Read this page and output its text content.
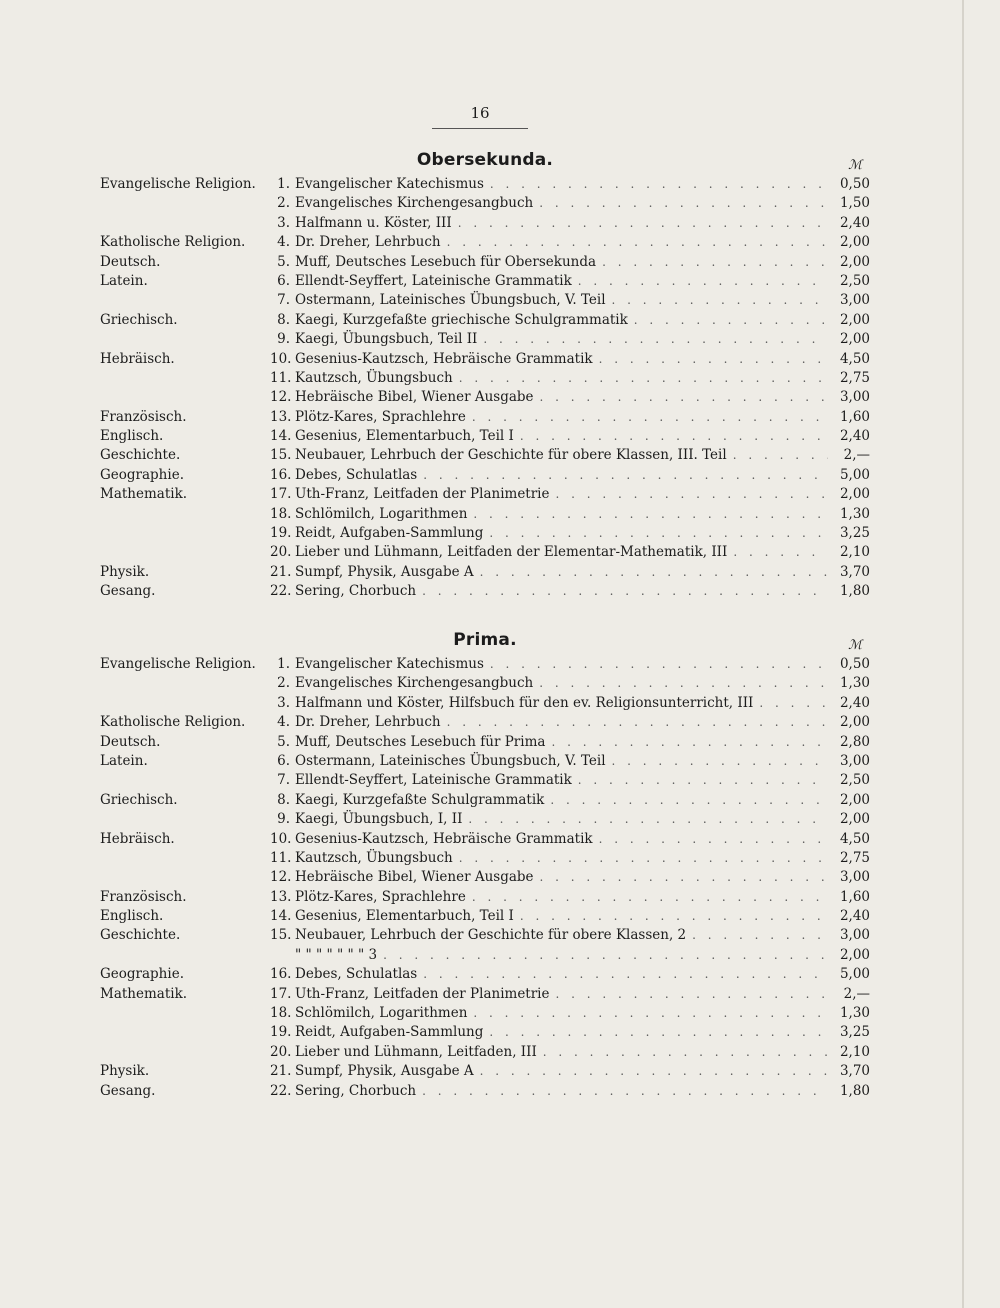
16
Obersekunda.	ℳ
Evangelische Religion.	1. Evangelischer Katechismus . . .	0,50
2. Evangelisches Kirchengesangbuch . . .	1,50
3. Halfmann u. Köster, III . . .	2,40
Katholische Religion.	4. Dr. Dreher, Lehrbuch . . .	2,00
Deutsch.	5. Muff, Deutsches Lesebuch für Obersekunda . . .	2,00
Latein.	6. Ellendt-Seyffert, Lateinische Grammatik . . .	2,50
7. Ostermann, Lateinisches Übungsbuch, V. Teil . . .	3,00
Griechisch.	8. Kaegi, Kurzgefaßte griechische Schulgrammatik . . .	2,00
9. Kaegi, Übungsbuch, Teil II . . .	2,00
Hebräisch.	10. Gesenius-Kautzsch, Hebräische Grammatik . . .	4,50
11. Kautzsch, Übungsbuch . . .	2,75
12. Hebräische Bibel, Wiener Ausgabe . . .	3,00
Französisch.	13. Plötz-Kares, Sprachlehre . . .	1,60
Englisch.	14. Gesenius, Elementarbuch, Teil I . . .	2,40
Geschichte.	15. Neubauer, Lehrbuch der Geschichte für obere Klassen, III. Teil . . .	2,—
Geographie.	16. Debes, Schulatlas . . .	5,00
Mathematik.	17. Uth-Franz, Leitfaden der Planimetrie . . .	2,00
18. Schlömilch, Logarithmen . . .	1,30
19. Reidt, Aufgaben-Sammlung . . .	3,25
20. Lieber und Lühmann, Leitfaden der Elementar-Mathematik, III . . .	2,10
Physik.	21. Sumpf, Physik, Ausgabe A . . .	3,70
Gesang.	22. Sering, Chorbuch . . .	1,80
Prima.	ℳ
Evangelische Religion.	1. Evangelischer Katechismus . . .	0,50
2. Evangelisches Kirchengesangbuch . . .	1,30
3. Halfmann und Köster, Hilfsbuch für den ev. Religionsunterricht, III . . .	2,40
Katholische Religion.	4. Dr. Dreher, Lehrbuch . . .	2,00
Deutsch.	5. Muff, Deutsches Lesebuch für Prima . . .	2,80
Latein.	6. Ostermann, Lateinisches Übungsbuch, V. Teil . . .	3,00
7. Ellendt-Seyffert, Lateinische Grammatik . . .	2,50
Griechisch.	8. Kaegi, Kurzgefaßte Schulgrammatik . . .	2,00
9. Kaegi, Übungsbuch, I, II . . .	2,00
Hebräisch.	10. Gesenius-Kautzsch, Hebräische Grammatik . . .	4,50
11. Kautzsch, Übungsbuch . . .	2,75
12. Hebräische Bibel, Wiener Ausgabe . . .	3,00
Französisch.	13. Plötz-Kares, Sprachlehre . . .	1,60
Englisch.	14. Gesenius, Elementarbuch, Teil I . . .	2,40
Geschichte.	15. Neubauer, Lehrbuch der Geschichte für obere Klassen, 2 . . .	3,00
" " " " " " " 3 . . .	2,00
Geographie.	16. Debes, Schulatlas . . .	5,00
Mathematik.	17. Uth-Franz, Leitfaden der Planimetrie . . .	2,—
18. Schlömilch, Logarithmen . . .	1,30
19. Reidt, Aufgaben-Sammlung . . .	3,25
20. Lieber und Lühmann, Leitfaden, III . . .	2,10
Physik.	21. Sumpf, Physik, Ausgabe A . . .	3,70
Gesang.	22. Sering, Chorbuch . . .	1,80
